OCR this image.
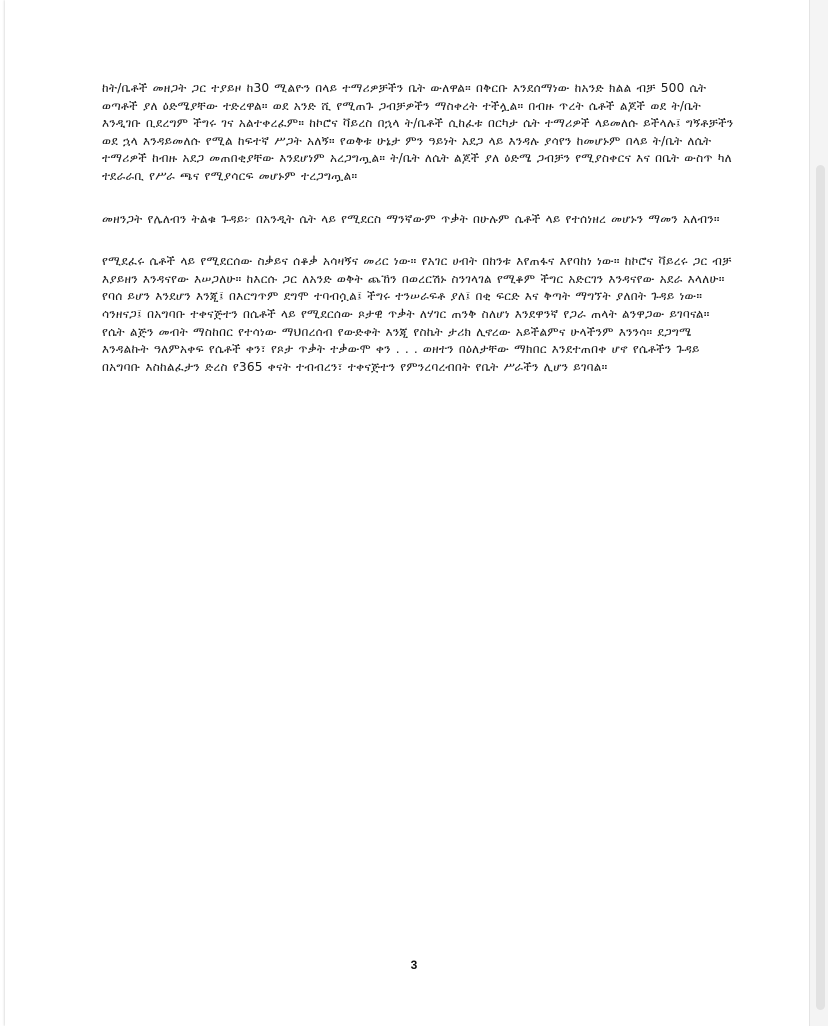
ከት/ቤቶች መዘጋት ጋር ተያይዞ ከ30 ሚልዮን በላይ ተማሪዎቻችን ቤት ውለዋል። በቅርቡ እንደሰማነው ከአንድ ክልል ብቻ 500 ሴት ወጣቶች ያለ ዕድሜያቸው ተድረዋል። ወደ አንድ ሺ የሚጠጉ ጋብቻዎችን ማስቀረት ተችሏል። በብዙ ጥረት ሴቶች ልጆች ወደ ት/ቤት እንዲገቡ ቢደረግም ችግሩ ገና አልተቀረፈም። ከኮሮና ቫይረስ በኋላ ት/ቤቶች ሲከፈቱ በርካታ ሴት ተማሪዎች ላይመለሱ ይችላሉ፤ ግኝቶቻችን ወደ ኋላ እንዳይመለሱ የሚል ከፍተኛ ሥጋት አለኝ። የወቅቱ ሁኔታ ምን ዓይነት አደጋ ላይ እንዳሉ ያሳየን ከመሆኑም በላይ ት/ቤት ለሴት ተማሪዎች ከብዙ አደጋ መጠበቂያቸው እንደሆነም አረጋግጧል። ት/ቤት ለሴት ልጆች ያለ ዕድሜ ጋብቻን የሚያስቀርና እና በቤት ውስጥ ካለ ተደራራቢ የሥራ ጫና የሚያሳርፍ መሆኑም ተረጋግጧል።

መዘንጋት የሌለብን ትልቁ ጉዳይ፦ በአንዲት ሴት ላይ የሚደርስ ማንኛውም ጥቃት በሁሉም ሴቶች ላይ የተሰነዘረ መሆኑን ማመን አለብን።

የሚደፈሩ ሴቶች ላይ የሚደርሰው ስቃይና ሰቆቃ አሳዛኝና መሪር ነው። የአገር ሀብት በከንቱ እየጠፋና እየባከነ ነው። ከኮሮና ቫይረሩ ጋር ብቻ እያይዘን እንዳናየው እሠጋለሁ። ከእርሱ ጋር ለአንድ ወቅት ጨኸን በወረርሽኑ ስንገላገል የሚቆም ችግር አድርገን እንዳናየው አደራ እላለሁ። የባሰ ይሆን እንደሆን እንጂ፤ በእርግጥም ደግሞ ተባብሷል፤ ችግሩ ተንሠራፍቶ ያለ፤ በቂ ፍርድ እና ቅጣት ማግኘት ያለበት ጉዳይ ነው። ሳንዘናጋ፤ በአግባቡ ተቀናጅተን በሴቶች ላይ የሚደርሰው ጾታዊ ጥቃት ለሃገር ጠንቅ ስለሆነ እንደዋንኛ የጋራ ጠላት ልንዋጋው ይገባናል። የሴት ልጅን መብት ማስከበር የተሳነው ማህበረሰብ የውድቀት እንጂ የስኬት ታሪክ ሊኖረው አይችልምና ሁላችንም እንንሳ። ደጋግሜ እንዳልኩት ዓለምአቀፍ የሴቶች ቀን፣ የጾታ ጥቃት ተቃውሞ ቀን . . . ወዘተን በዕለታቸው ማክበር እንደተጠበቀ ሆኖ የሴቶችን ጉዳይ በአግባቡ እስከልፈታን ድረስ የ365 ቀናት ተብብረን፣ ተቀናጅተን የምንረባረብበት የቤት ሥራችን ሊሆን ይገባል።

3
